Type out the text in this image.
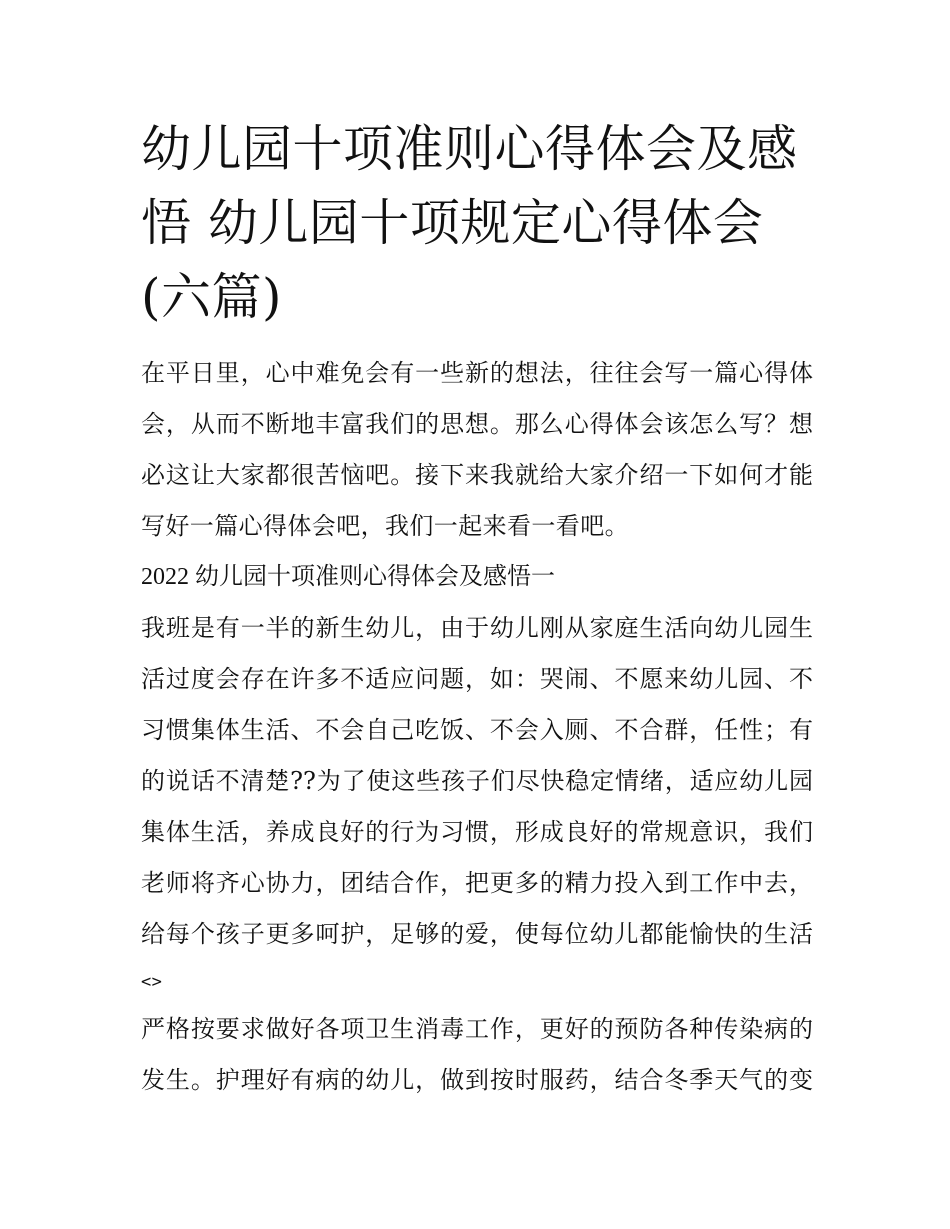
幼儿园十项准则心得体会及感
悟 幼儿园十项规定心得体会
(六篇)
在平日里，心中难免会有一些新的想法，往往会写一篇心得体
会，从而不断地丰富我们的思想。那么心得体会该怎么写？想
必这让大家都很苦恼吧。接下来我就给大家介绍一下如何才能
写好一篇心得体会吧，我们一起来看一看吧。
2022 幼儿园十项准则心得体会及感悟一
我班是有一半的新生幼儿，由于幼儿刚从家庭生活向幼儿园生
活过度会存在许多不适应问题，如：哭闹、不愿来幼儿园、不
习惯集体生活、不会自己吃饭、不会入厕、不合群，任性；有
的说话不清楚??为了使这些孩子们尽快稳定情绪，适应幼儿园
集体生活，养成良好的行为习惯，形成良好的常规意识，我们
老师将齐心协力，团结合作，把更多的精力投入到工作中去，
给每个孩子更多呵护，足够的爱，使每位幼儿都能愉快的生活
<>
严格按要求做好各项卫生消毒工作，更好的预防各种传染病的
发生。护理好有病的幼儿，做到按时服药，结合冬季天气的变
